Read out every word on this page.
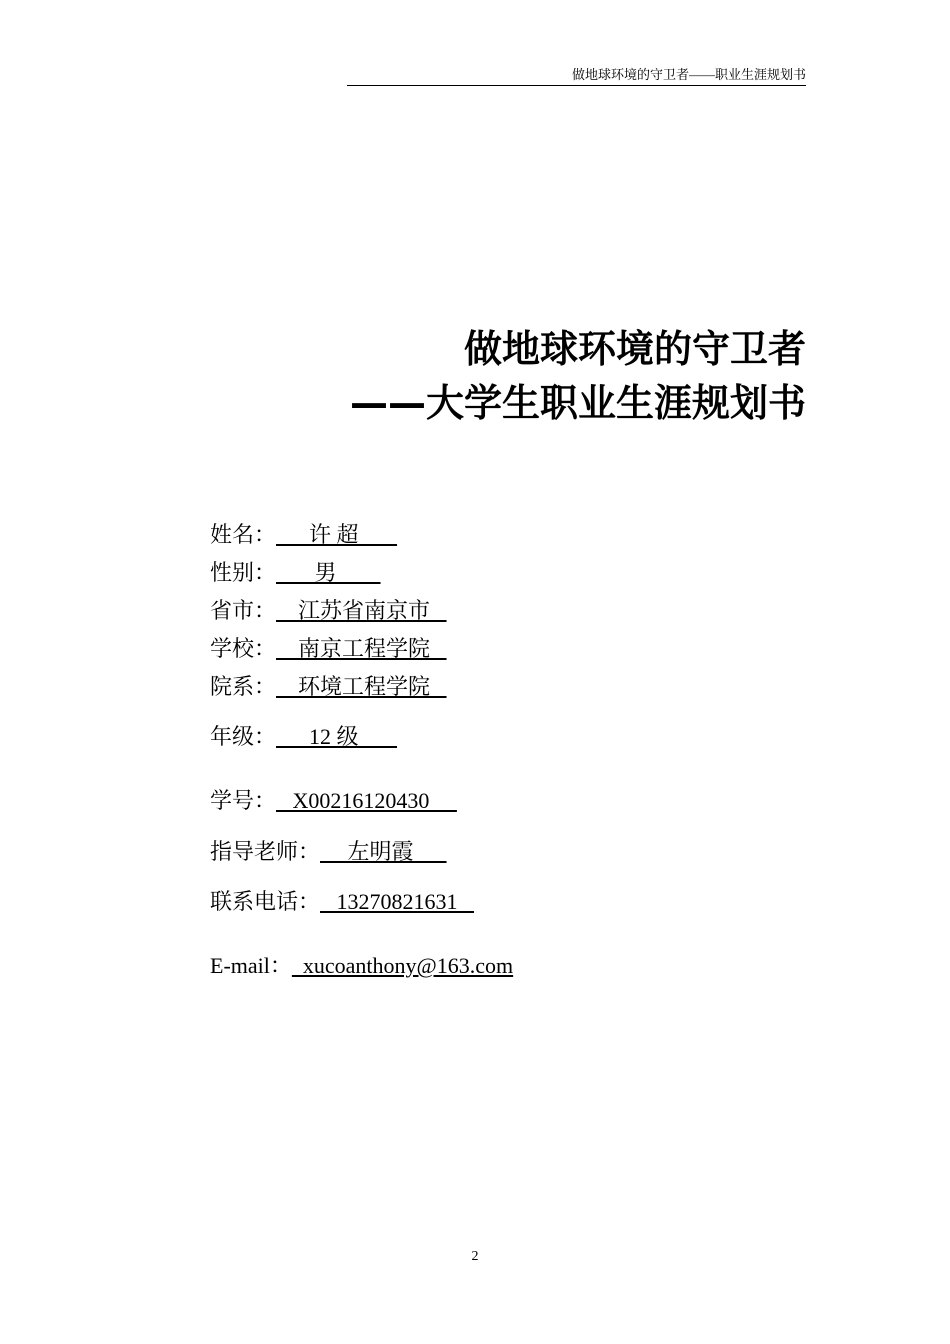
做地球环境的守卫者——职业生涯规划书
做地球环境的守卫者
——大学生职业生涯规划书
姓名：      许 超
性别：       男
省市：    江苏省南京市
学校：    南京工程学院
院系：    环境工程学院
年级：      12 级
学号：   X00216120430
指导老师：     左明霞
联系电话：   13270821631
E-mail：  xucoanthony@163.com
2
